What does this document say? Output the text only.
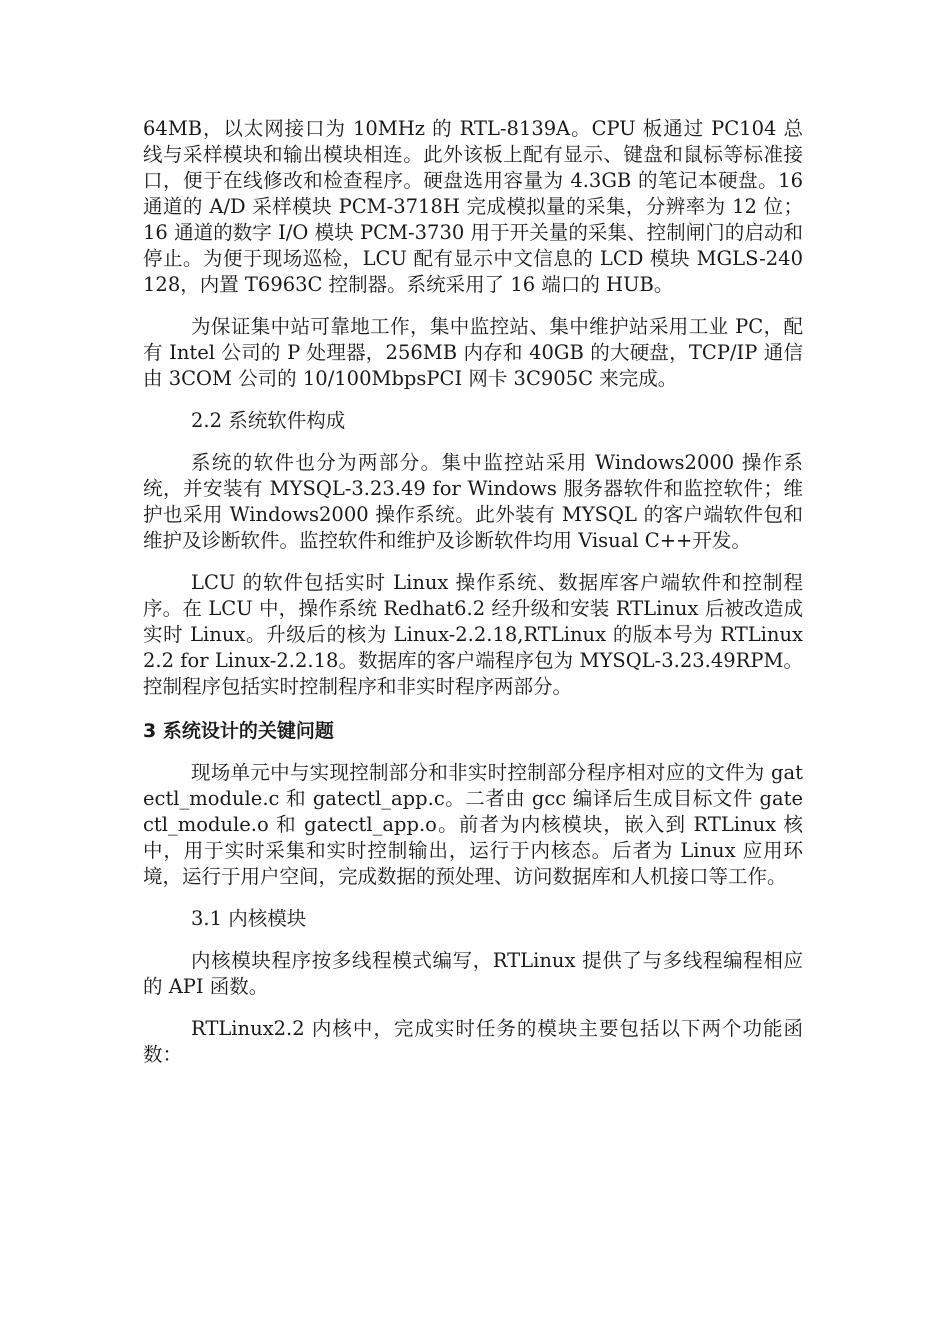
64MB，以太网接口为 10MHz 的 RTL-8139A。CPU 板通过 PC104 总线与采样模块和输出模块相连。此外该板上配有显示、键盘和鼠标等标准接口，便于在线修改和检查程序。硬盘选用容量为 4.3GB 的笔记本硬盘。16 通道的 A/D 采样模块 PCM-3718H 完成模拟量的采集，分辨率为 12 位；16 通道的数字 I/O 模块 PCM-3730 用于开关量的采集、控制闸门的启动和停止。为便于现场巡检，LCU 配有显示中文信息的 LCD 模块 MGLS-240128，内置 T6963C 控制器。系统采用了 16 端口的 HUB。

为保证集中站可靠地工作，集中监控站、集中维护站采用工业 PC，配有 Intel 公司的 P 处理器，256MB 内存和 40GB 的大硬盘，TCP/IP 通信由 3COM 公司的 10/100MbpsPCI 网卡 3C905C 来完成。

2.2 系统软件构成

系统的软件也分为两部分。集中监控站采用 Windows2000 操作系统，并安装有 MYSQL-3.23.49 for Windows 服务器软件和监控软件；维护也采用 Windows2000 操作系统。此外装有 MYSQL 的客户端软件包和维护及诊断软件。监控软件和维护及诊断软件均用 Visual C++开发。

LCU 的软件包括实时 Linux 操作系统、数据库客户端软件和控制程序。在 LCU 中，操作系统 Redhat6.2 经升级和安装 RTLinux 后被改造成实时 Linux。升级后的核为 Linux-2.2.18,RTLinux 的版本号为 RTLinux2.2 for Linux-2.2.18。数据库的客户端程序包为 MYSQL-3.23.49RPM。控制程序包括实时控制程序和非实时程序两部分。

3 系统设计的关键问题

现场单元中与实现控制部分和非实时控制部分程序相对应的文件为 gatectl_module.c 和 gatectl_app.c。二者由 gcc 编译后生成目标文件 gatectl_module.o 和 gatectl_app.o。前者为内核模块，嵌入到 RTLinux 核中，用于实时采集和实时控制输出，运行于内核态。后者为 Linux 应用环境，运行于用户空间，完成数据的预处理、访问数据库和人机接口等工作。

3.1 内核模块

内核模块程序按多线程模式编写，RTLinux 提供了与多线程编程相应的 API 函数。

RTLinux2.2 内核中，完成实时任务的模块主要包括以下两个功能函数：
